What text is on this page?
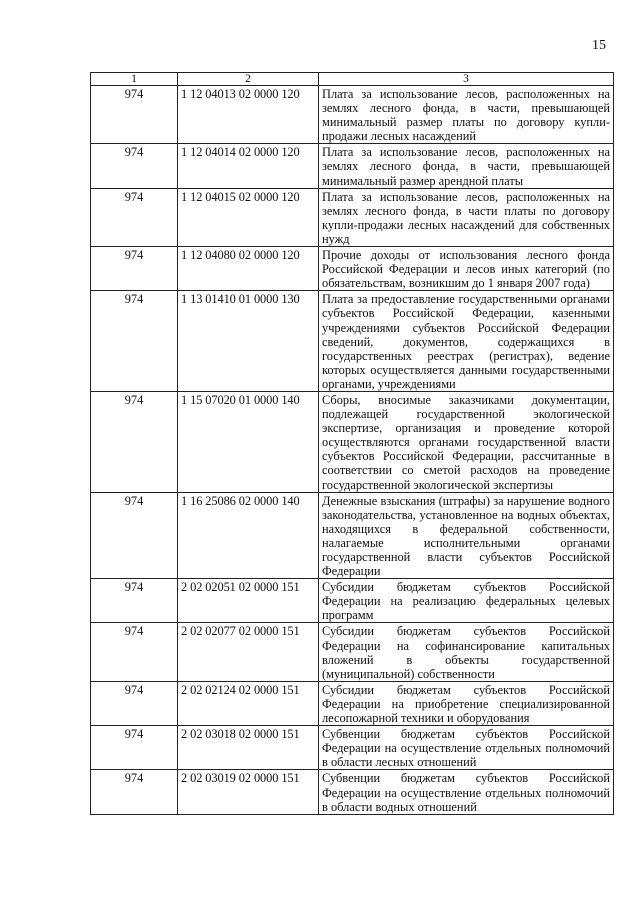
15
1	2	3
974	1 12 04013 02 0000 120	Плата за использование лесов, расположенных на землях лесного фонда, в части, превышающей минимальный размер платы по договору купли-продажи лесных насаждений
974	1 12 04014 02 0000 120	Плата за использование лесов, расположенных на землях лесного фонда, в части, превышающей минимальный размер арендной платы
974	1 12 04015 02 0000 120	Плата за использование лесов, расположенных на землях лесного фонда, в части платы по договору купли-продажи лесных насаждений для собственных нужд
974	1 12 04080 02 0000 120	Прочие доходы от использования лесного фонда Российской Федерации и лесов иных категорий (по обязательствам, возникшим до 1 января 2007 года)
974	1 13 01410 01 0000 130	Плата за предоставление государственными органами субъектов Российской Федерации, казенными учреждениями субъектов Российской Федерации сведений, документов, содержащихся в государственных реестрах (регистрах), ведение которых осуществляется данными государственными органами, учреждениями
974	1 15 07020 01 0000 140	Сборы, вносимые заказчиками документации, подлежащей государственной экологической экспертизе, организация и проведение которой осуществляются органами государственной власти субъектов Российской Федерации, рассчитанные в соответствии со сметой расходов на проведение государственной экологической экспертизы
974	1 16 25086 02 0000 140	Денежные взыскания (штрафы) за нарушение водного законодательства, установленное на водных объектах, находящихся в федеральной собственности, налагаемые исполнительными органами государственной власти субъектов Российской Федерации
974	2 02 02051 02 0000 151	Субсидии бюджетам субъектов Российской Федерации на реализацию федеральных целевых программ
974	2 02 02077 02 0000 151	Субсидии бюджетам субъектов Российской Федерации на софинансирование капитальных вложений в объекты государственной (муниципальной) собственности
974	2 02 02124 02 0000 151	Субсидии бюджетам субъектов Российской Федерации на приобретение специализированной лесопожарной техники и оборудования
974	2 02 03018 02 0000 151	Субвенции бюджетам субъектов Российской Федерации на осуществление отдельных полномочий в области лесных отношений
974	2 02 03019 02 0000 151	Субвенции бюджетам субъектов Российской Федерации на осуществление отдельных полномочий в области водных отношений
